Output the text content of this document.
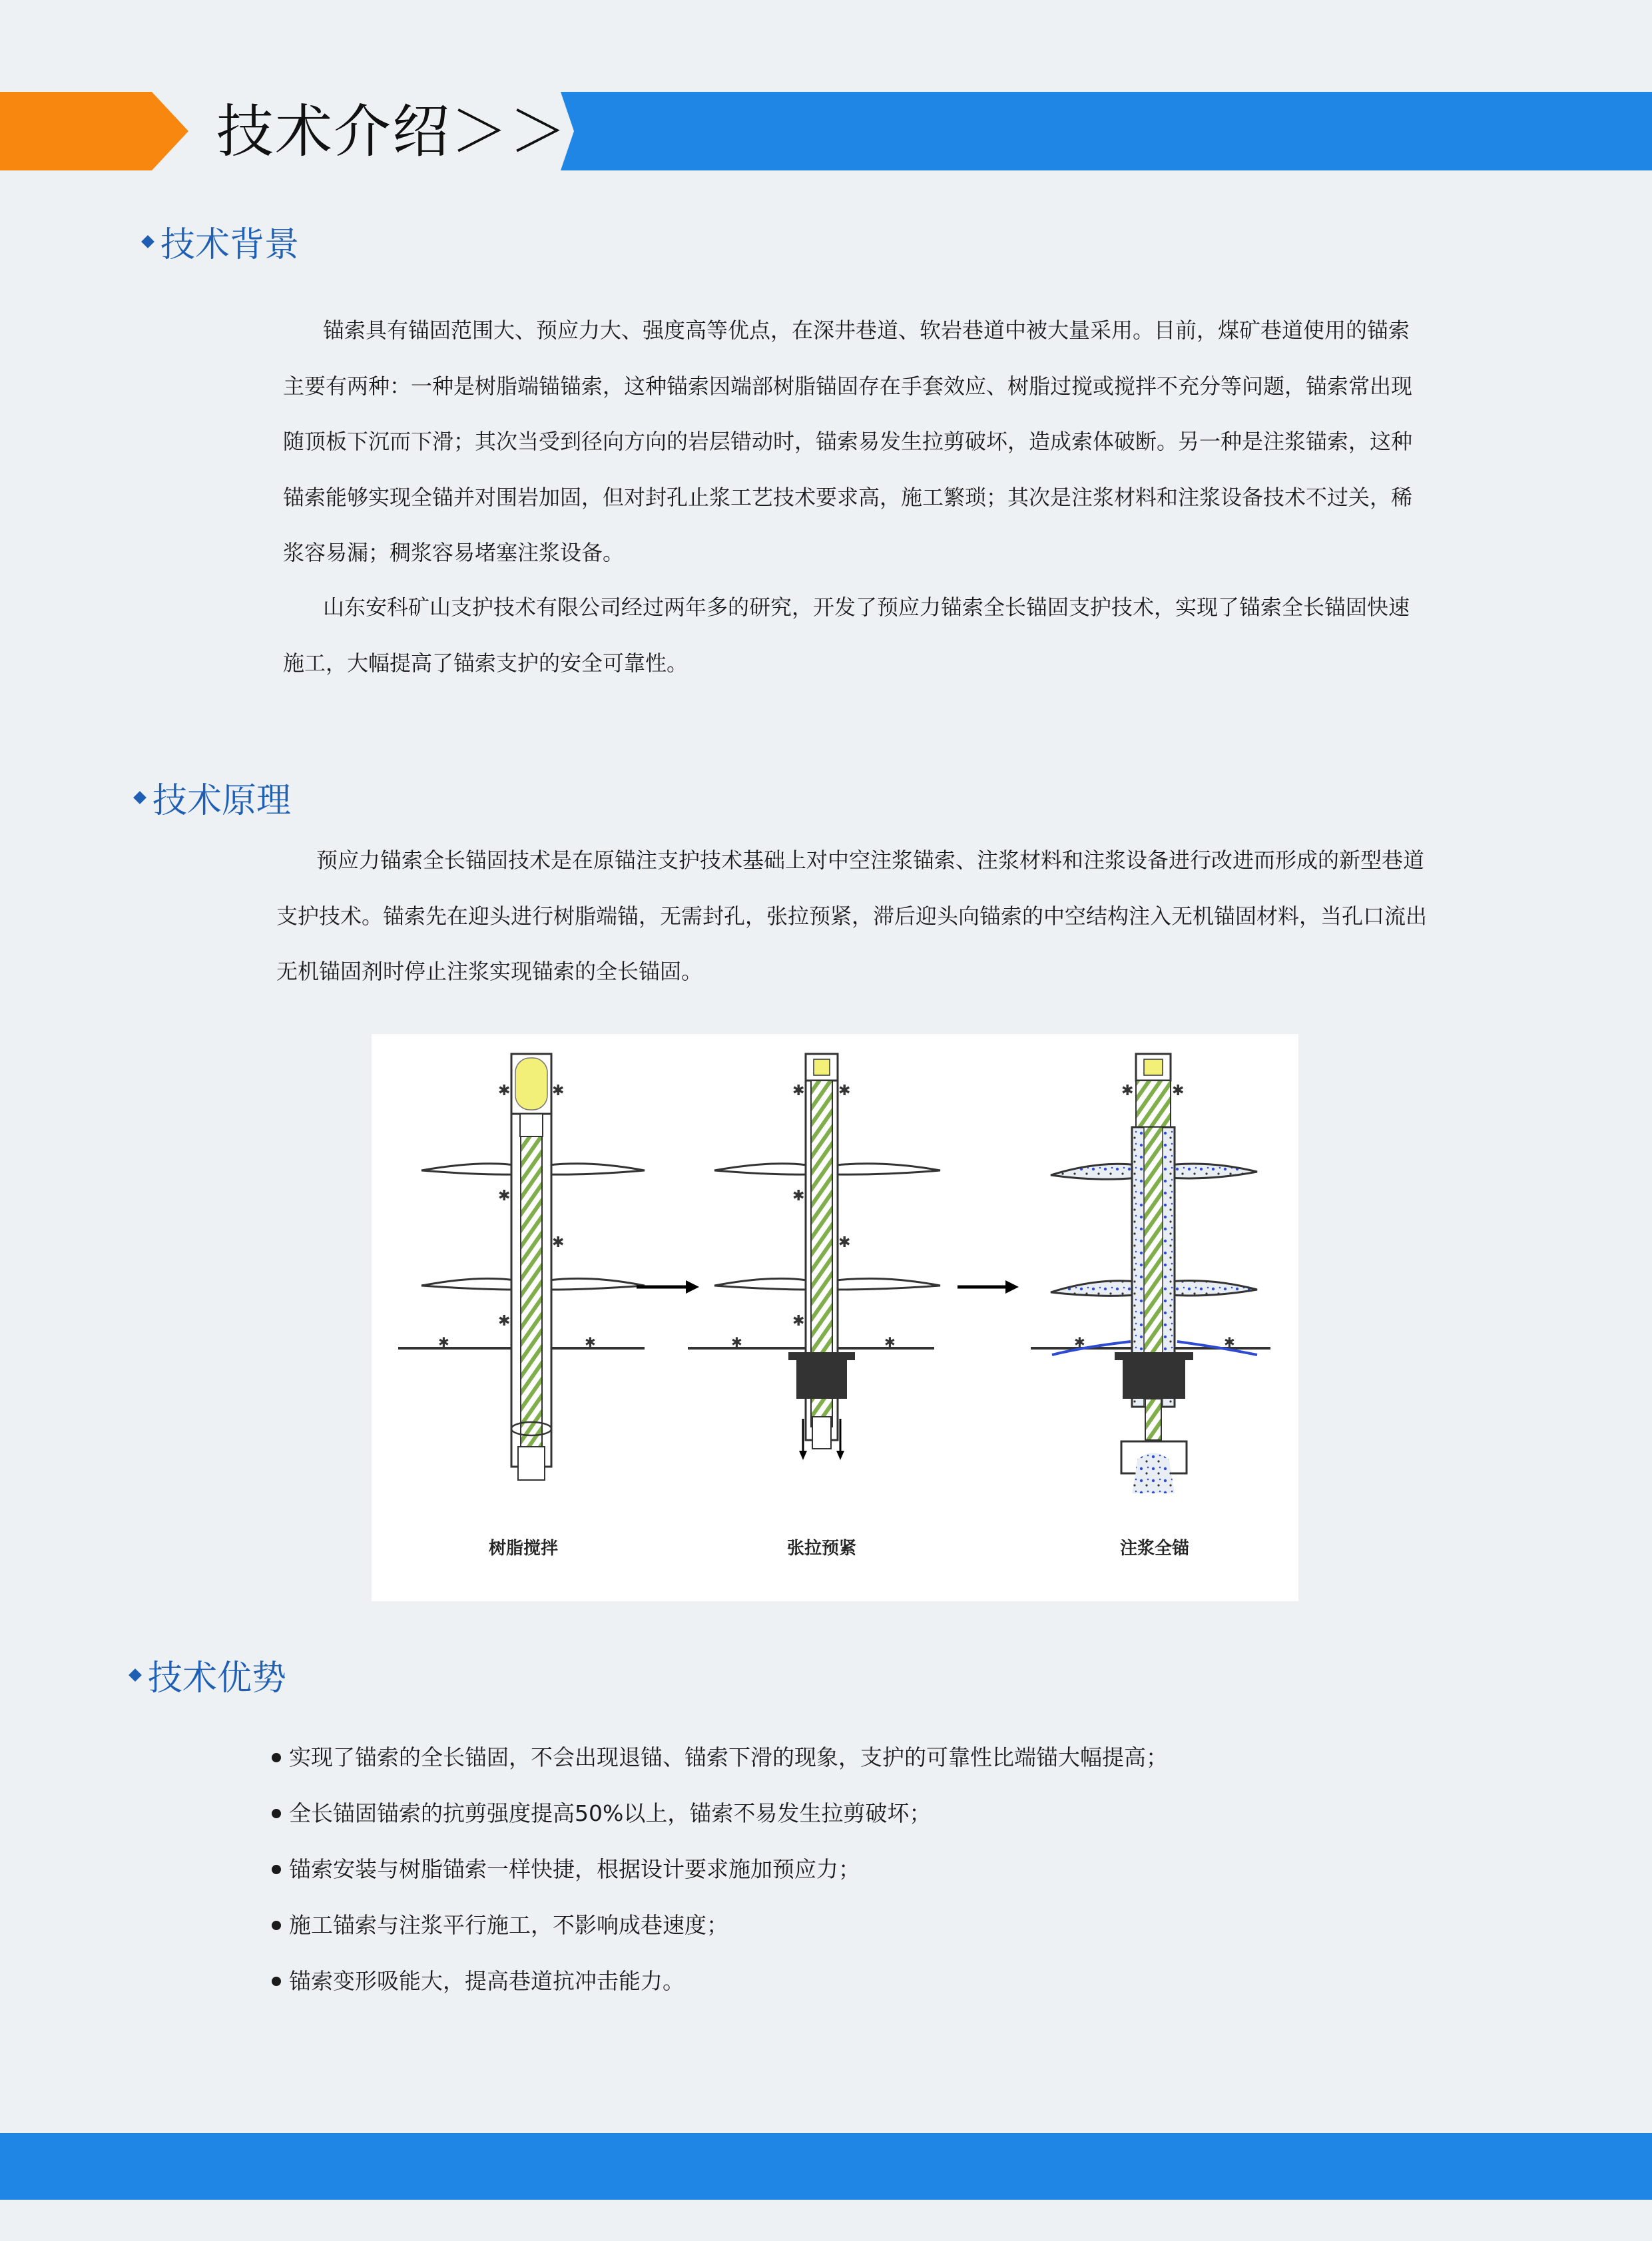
技术介绍＞＞
技术背景

锚索具有锚固范围大、预应力大、强度高等优点，在深井巷道、软岩巷道中被大量采用。目前，煤矿巷道使用的锚索主要有两种：一种是树脂端锚锚索，这种锚索因端部树脂锚固存在手套效应、树脂过搅或搅拌不充分等问题，锚索常出现随顶板下沉而下滑；其次当受到径向方向的岩层错动时，锚索易发生拉剪破坏，造成索体破断。另一种是注浆锚索，这种锚索能够实现全锚并对围岩加固，但对封孔止浆工艺技术要求高，施工繁琐；其次是注浆材料和注浆设备技术不过关，稀浆容易漏；稠浆容易堵塞注浆设备。

山东安科矿山支护技术有限公司经过两年多的研究，开发了预应力锚索全长锚固支护技术，实现了锚索全长锚固快速施工，大幅提高了锚索支护的安全可靠性。

技术原理

预应力锚索全长锚固技术是在原锚注支护技术基础上对中空注浆锚索、注浆材料和注浆设备进行改进而形成的新型巷道支护技术。锚索先在迎头进行树脂端锚，无需封孔，张拉预紧，滞后迎头向锚索的中空结构注入无机锚固材料，当孔口流出无机锚固剂时停止注浆实现锚索的全长锚固。

✱	✱
✱
✱
✱
✱	✱
✱ ✱
✱
✱
✱
✱	✱
✱	✱
✱	✱
树脂搅拌	张拉预紧	注浆全锚
技术优势
实现了锚索的全长锚固，不会出现退锚、锚索下滑的现象，支护的可靠性比端锚大幅提高；
全长锚固锚索的抗剪强度提高50%以上，锚索不易发生拉剪破坏；
锚索安装与树脂锚索一样快捷，根据设计要求施加预应力；
施工锚索与注浆平行施工，不影响成巷速度；
锚索变形吸能大，提高巷道抗冲击能力。
